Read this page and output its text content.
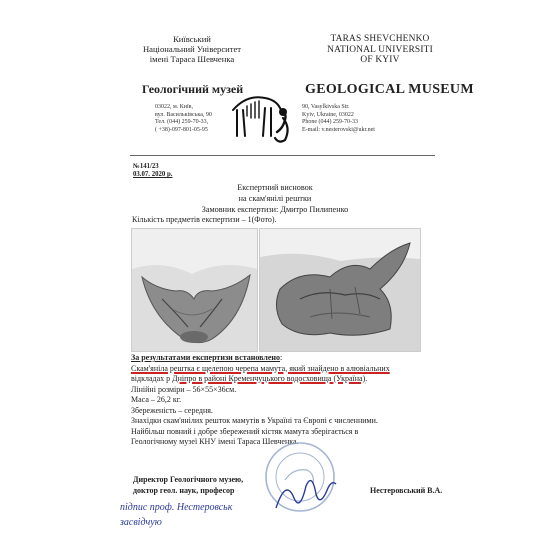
Київський
Національний Університет
імені Тараса Шевченка
TARAS SHEVCHENKO
NATIONAL UNIVERSITI
OF KYIV
Геологічний музей	GEOLOGICAL MUSEUM
03022, м. Київ,
вул. Васильківська, 90
Тел. (044) 259-70-33,
( +38)-097-801-05-95
90, Vasylkivska Str.
Kyiv, Ukraine, 03022
Phone (044) 259-70-33
E-mail: v.nesterovski@ukr.net
№141/23
03.07. 2020 р.
Експертний висновок
на скам'янілі рештки
Замовник експертизи: Дмитро Пилипенко
Кількість предметів експертизи – 1(Фото).

За результатами експертизи встановлено:

Скам'яніла решткa є щелепою черепа мамута, який знайдено в алювіальних

відкладах р Дніпро в районі Кременчуцького водосховища (Україна).

Лінійні розміри – 56×55×36см.

Маса – 26,2 кг.

Збереженість – середня.

Знахідки скам'янілих решток мамутів в Україні та Європі є численними.

Найбільш повний і добре збережений кістяк мамута зберігається в

Геологічному музеї КНУ імені Тараса Шевченка.

Директор Геологічного музею,
доктор геол. наук, професор	Нестеровський В.А.
підпис проф. Нестеровськ
засвідчую
